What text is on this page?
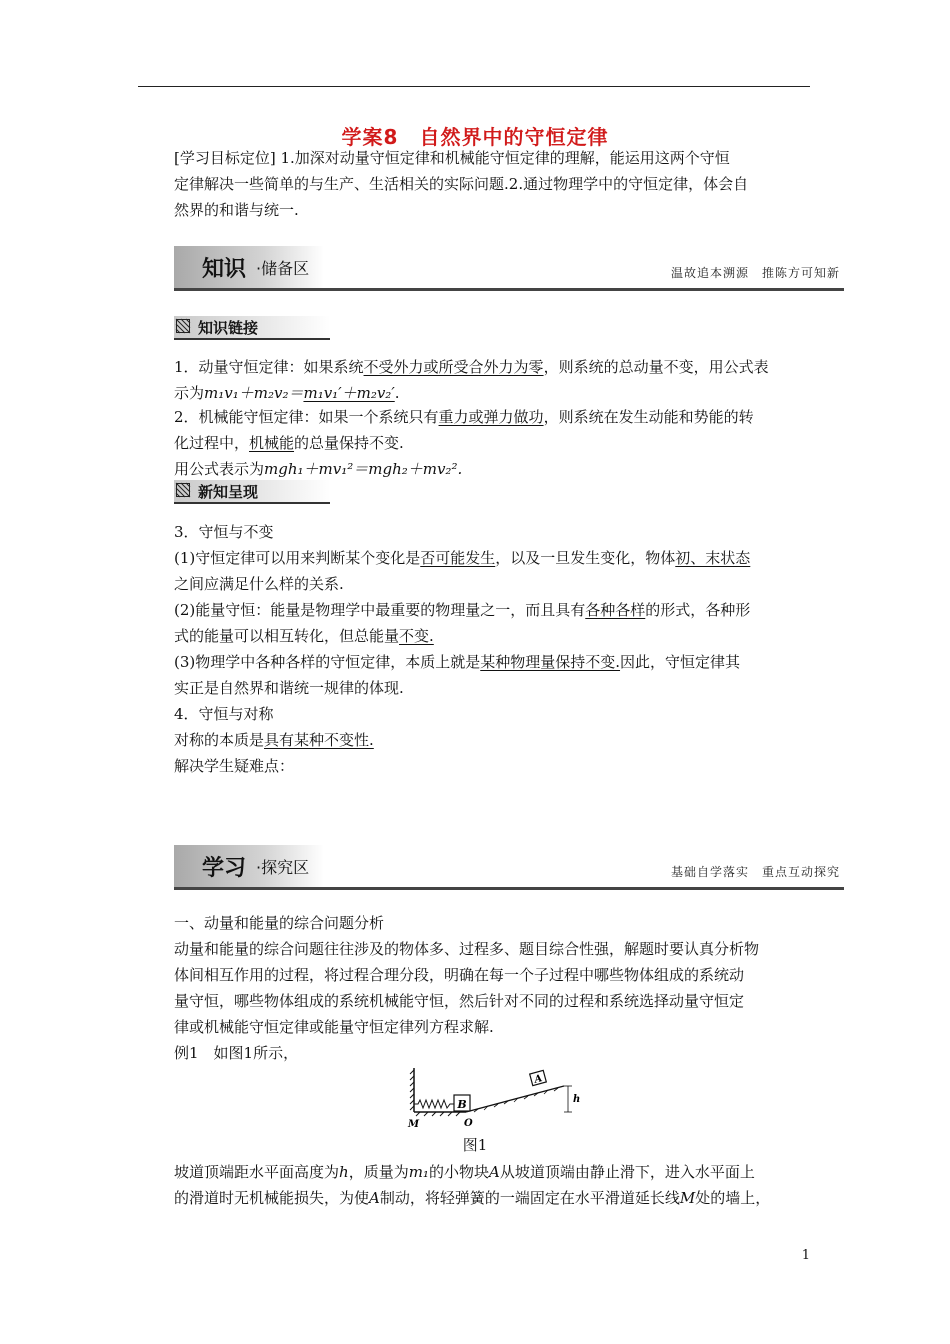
学案8　自然界中的守恒定律
[学习目标定位] 1.加深对动量守恒定律和机械能守恒定律的理解，能运用这两个守恒
定律解决一些简单的与生产、生活相关的实际问题.2.通过物理学中的守恒定律，体会自
然界的和谐与统一.
知识 ·储备区	温故追本溯源　推陈方可知新
知识链接
1．动量守恒定律：如果系统不受外力或所受合外力为零，则系统的总动量不变，用公式表
示为m₁v₁＋m₂v₂＝m₁v₁′＋m₂v₂′.
2．机械能守恒定律：如果一个系统只有重力或弹力做功，则系统在发生动能和势能的转
化过程中，机械能的总量保持不变.
用公式表示为mgh₁＋mv₁²＝mgh₂＋mv₂².
新知呈现
3．守恒与不变
(1)守恒定律可以用来判断某个变化是否可能发生，以及一旦发生变化，物体初、末状态
之间应满足什么样的关系.
(2)能量守恒：能量是物理学中最重要的物理量之一，而且具有各种各样的形式，各种形
式的能量可以相互转化，但总能量不变.
(3)物理学中各种各样的守恒定律，本质上就是某种物理量保持不变.因此，守恒定律其
实正是自然界和谐统一规律的体现.
4．守恒与对称
对称的本质是具有某种不变性.
解决学生疑难点：
学习 ·探究区	基础自学落实　重点互动探究
一、动量和能量的综合问题分析
动量和能量的综合问题往往涉及的物体多、过程多、题目综合性强，解题时要认真分析物
体间相互作用的过程，将过程合理分段，明确在每一个子过程中哪些物体组成的系统动
量守恒，哪些物体组成的系统机械能守恒，然后针对不同的过程和系统选择动量守恒定
律或机械能守恒定律或能量守恒定律列方程求解.
例1　如图1所示，
B
A
h
M	O
图1
坡道顶端距水平面高度为h，质量为m₁的小物块A从坡道顶端由静止滑下，进入水平面上
的滑道时无机械能损失，为使A制动，将轻弹簧的一端固定在水平滑道延长线M处的墙上，
1
